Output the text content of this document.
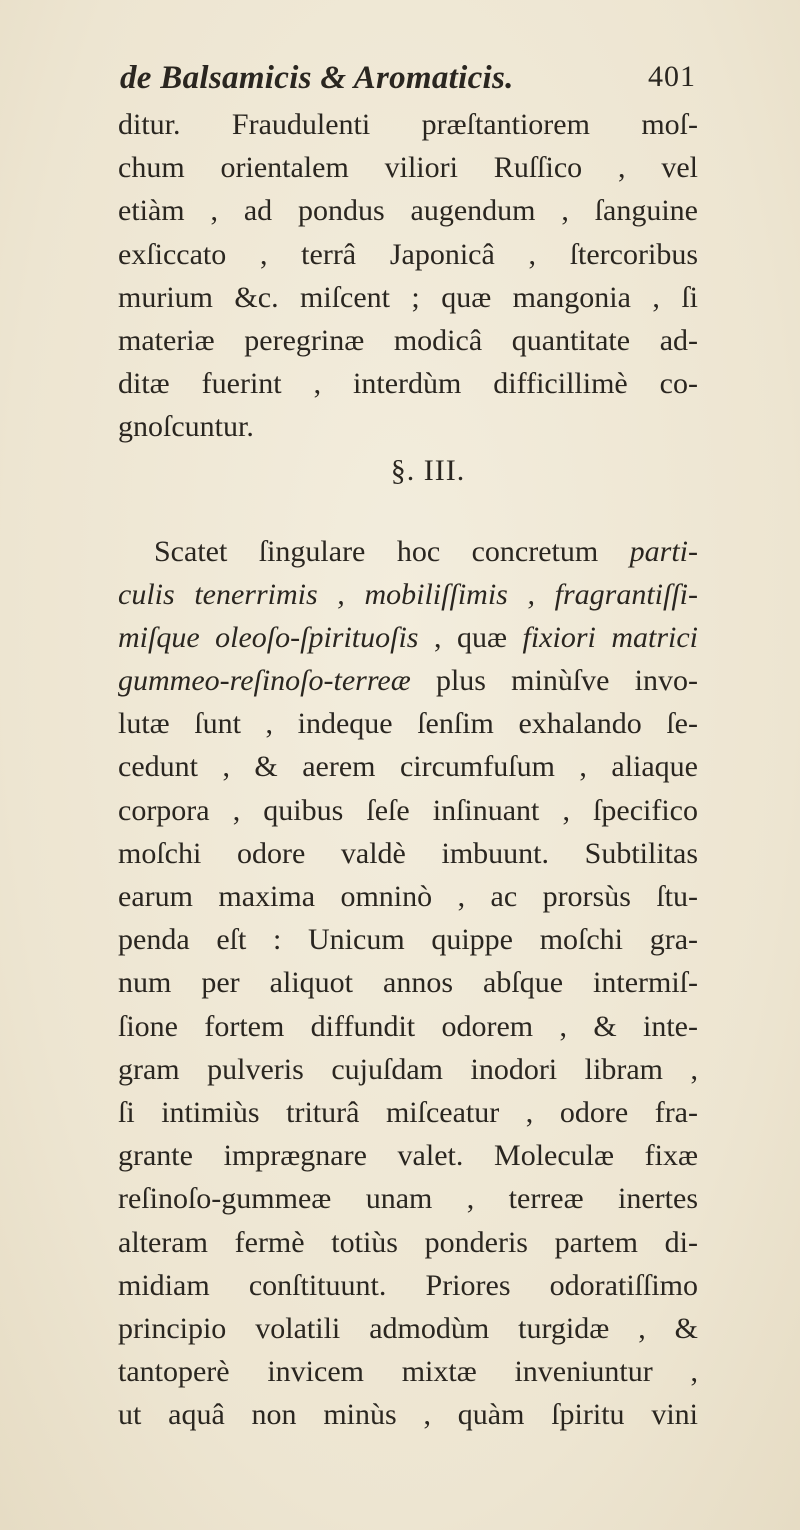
de Balsamicis & Aromaticis.	401
ditur. Fraudulenti præſtantiorem moſ-
chum orientalem viliori Ruſſico , vel
etiàm , ad pondus augendum , ſanguine
exſiccato , terrâ Japonicâ , ſtercoribus
murium &c. miſcent ; quæ mangonia , ſi
materiæ peregrinæ modicâ quantitate ad-
ditæ fuerint , interdùm difficillimè co-
gnoſcuntur.
§. III.
Scatet ſingulare hoc concretum parti-
culis tenerrimis , mobiliſſimis , fragrantiſſi-
miſque oleoſo-ſpirituoſis , quæ fixiori matrici
gummeo-reſinoſo-terreæ plus minùſve invo-
lutæ ſunt , indeque ſenſim exhalando ſe-
cedunt , & aerem circumfuſum , aliaque
corpora , quibus ſeſe inſinuant , ſpecifico
moſchi odore valdè imbuunt. Subtilitas
earum maxima omninò , ac prorsùs ſtu-
penda eſt : Unicum quippe moſchi gra-
num per aliquot annos abſque intermiſ-
ſione fortem diffundit odorem , & inte-
gram pulveris cujuſdam inodori libram ,
ſi intimiùs triturâ miſceatur , odore fra-
grante imprægnare valet. Moleculæ fixæ
reſinoſo-gummeæ unam , terreæ inertes
alteram fermè totiùs ponderis partem di-
midiam conſtituunt. Priores odoratiſſimo
principio volatili admodùm turgidæ , &
tantoperè invicem mixtæ inveniuntur ,
ut aquâ non minùs , quàm ſpiritu vini
